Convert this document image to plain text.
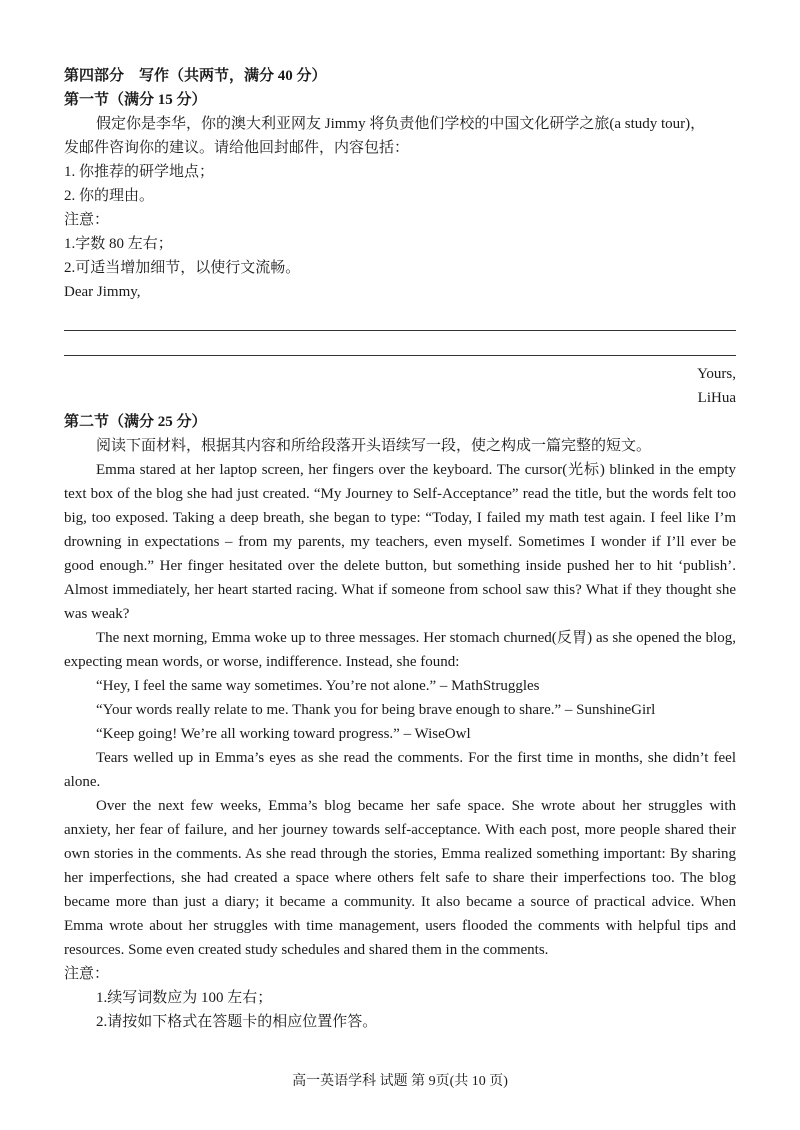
第四部分　写作（共两节，满分 40 分）
第一节（满分 15 分）
假定你是李华，你的澳大利亚网友 Jimmy 将负责他们学校的中国文化研学之旅(a study tour)，
发邮件咨询你的建议。请给他回封邮件，内容包括：
1. 你推荐的研学地点；
2. 你的理由。
注意：
1.字数 80 左右；
2.可适当增加细节，以使行文流畅。
Dear Jimmy,
Yours,
LiHua
第二节（满分 25 分）
阅读下面材料，根据其内容和所给段落开头语续写一段，使之构成一篇完整的短文。

Emma stared at her laptop screen, her fingers over the keyboard. The cursor(光标) blinked in the empty text box of the blog she had just created. “My Journey to Self-Acceptance” read the title, but the words felt too big, too exposed. Taking a deep breath, she began to type: “Today, I failed my math test again. I feel like I’m drowning in expectations – from my parents, my teachers, even myself. Sometimes I wonder if I’ll ever be good enough.” Her finger hesitated over the delete button, but something inside pushed her to hit ‘publish’. Almost immediately, her heart started racing. What if someone from school saw this? What if they thought she was weak?

The next morning, Emma woke up to three messages. Her stomach churned(反胃) as she opened the blog, expecting mean words, or worse, indifference. Instead, she found:

“Hey, I feel the same way sometimes. You’re not alone.” – MathStruggles
“Your words really relate to me. Thank you for being brave enough to share.” – SunshineGirl
“Keep going! We’re all working toward progress.” – WiseOwl

Tears welled up in Emma’s eyes as she read the comments. For the first time in months, she didn’t feel alone.

Over the next few weeks, Emma’s blog became her safe space. She wrote about her struggles with anxiety, her fear of failure, and her journey towards self-acceptance. With each post, more people shared their own stories in the comments. As she read through the stories, Emma realized something important: By sharing her imperfections, she had created a space where others felt safe to share their imperfections too. The blog became more than just a diary; it became a community. It also became a source of practical advice. When Emma wrote about her struggles with time management, users flooded the comments with helpful tips and resources. Some even created study schedules and shared them in the comments.

注意：
1.续写词数应为 100 左右；
2.请按如下格式在答题卡的相应位置作答。
高一英语学科 试题 第 9页(共 10 页)
